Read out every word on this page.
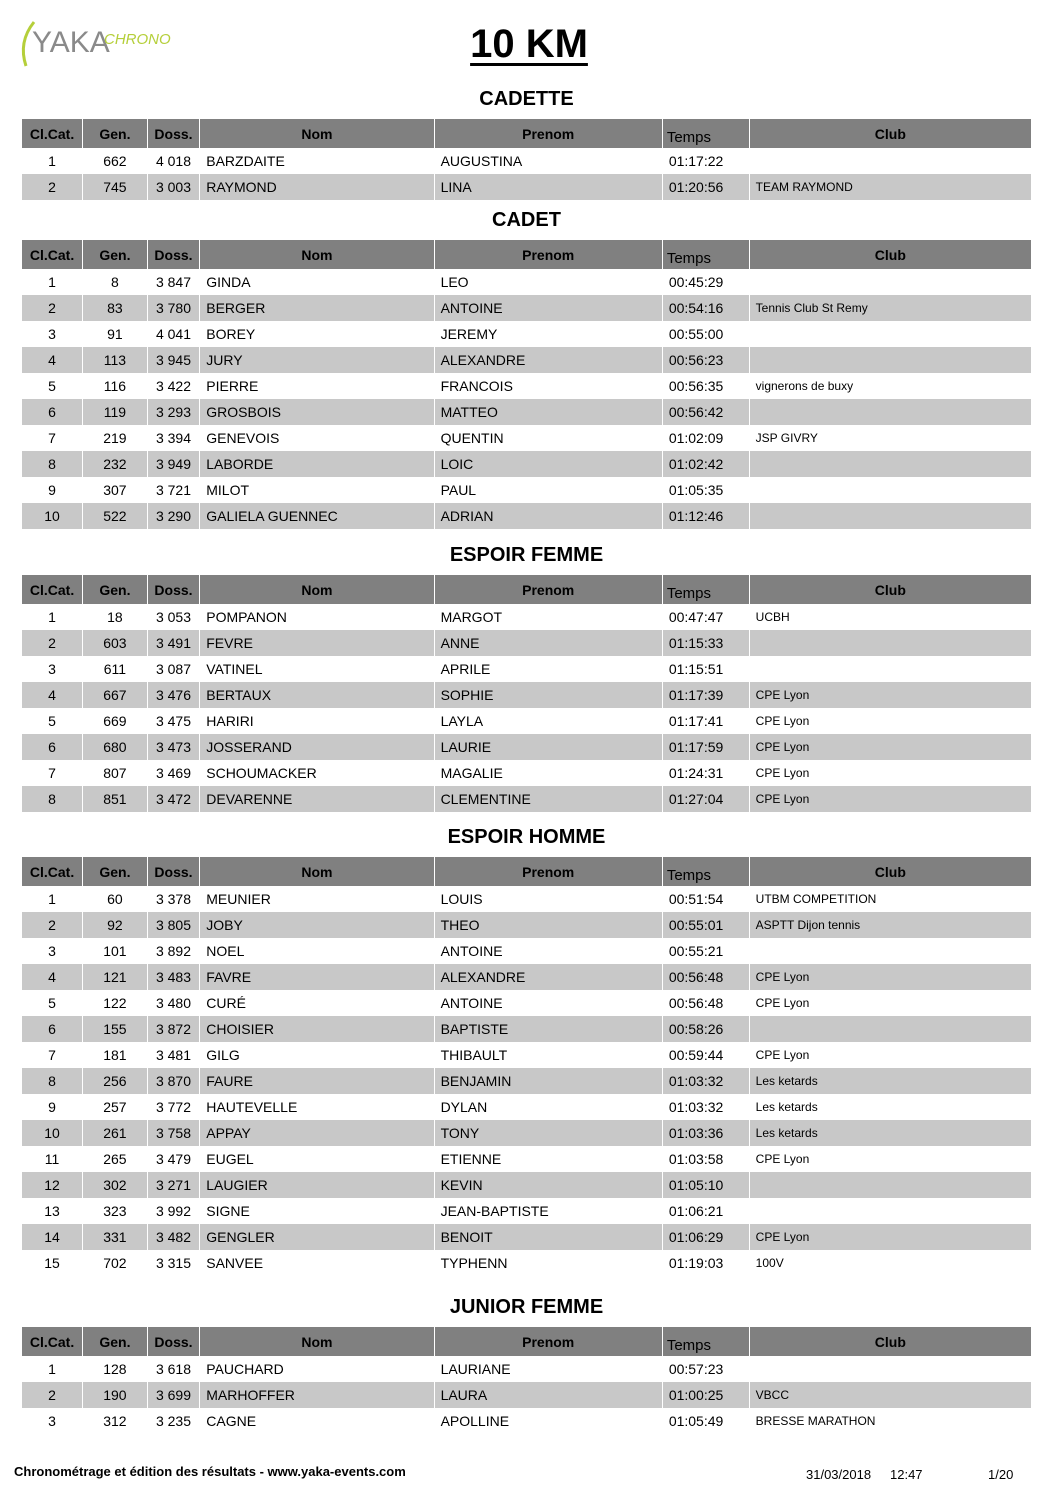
YAKA
CHRONO	10 KM
CADETTE
Cl.Cat.	Gen.	Doss.	Nom	Prenom	Temps	Club
1	662	4 018	BARZDAITE	AUGUSTINA	01:17:22	
2	745	3 003	RAYMOND	LINA	01:20:56	TEAM RAYMOND
CADET
Cl.Cat.	Gen.	Doss.	Nom	Prenom	Temps	Club
1	8	3 847	GINDA	LEO	00:45:29	
2	83	3 780	BERGER	ANTOINE	00:54:16	Tennis Club St Remy
3	91	4 041	BOREY	JEREMY	00:55:00	
4	113	3 945	JURY	ALEXANDRE	00:56:23	
5	116	3 422	PIERRE	FRANCOIS	00:56:35	vignerons de buxy
6	119	3 293	GROSBOIS	MATTEO	00:56:42	
7	219	3 394	GENEVOIS	QUENTIN	01:02:09	JSP GIVRY
8	232	3 949	LABORDE	LOIC	01:02:42	
9	307	3 721	MILOT	PAUL	01:05:35	
10	522	3 290	GALIELA GUENNEC	ADRIAN	01:12:46	
ESPOIR FEMME
Cl.Cat.	Gen.	Doss.	Nom	Prenom	Temps	Club
1	18	3 053	POMPANON	MARGOT	00:47:47	UCBH
2	603	3 491	FEVRE	ANNE	01:15:33	
3	611	3 087	VATINEL	APRILE	01:15:51	
4	667	3 476	BERTAUX	SOPHIE	01:17:39	CPE Lyon
5	669	3 475	HARIRI	LAYLA	01:17:41	CPE Lyon
6	680	3 473	JOSSERAND	LAURIE	01:17:59	CPE Lyon
7	807	3 469	SCHOUMACKER	MAGALIE	01:24:31	CPE Lyon
8	851	3 472	DEVARENNE	CLEMENTINE	01:27:04	CPE Lyon
ESPOIR HOMME
Cl.Cat.	Gen.	Doss.	Nom	Prenom	Temps	Club
1	60	3 378	MEUNIER	LOUIS	00:51:54	UTBM COMPETITION
2	92	3 805	JOBY	THEO	00:55:01	ASPTT Dijon tennis
3	101	3 892	NOEL	ANTOINE	00:55:21	
4	121	3 483	FAVRE	ALEXANDRE	00:56:48	CPE Lyon
5	122	3 480	CURÉ	ANTOINE	00:56:48	CPE Lyon
6	155	3 872	CHOISIER	BAPTISTE	00:58:26	
7	181	3 481	GILG	THIBAULT	00:59:44	CPE Lyon
8	256	3 870	FAURE	BENJAMIN	01:03:32	Les ketards
9	257	3 772	HAUTEVELLE	DYLAN	01:03:32	Les ketards
10	261	3 758	APPAY	TONY	01:03:36	Les ketards
11	265	3 479	EUGEL	ETIENNE	01:03:58	CPE Lyon
12	302	3 271	LAUGIER	KEVIN	01:05:10	
13	323	3 992	SIGNE	JEAN-BAPTISTE	01:06:21	
14	331	3 482	GENGLER	BENOIT	01:06:29	CPE Lyon
15	702	3 315	SANVEE	TYPHENN	01:19:03	100V
JUNIOR FEMME
Cl.Cat.	Gen.	Doss.	Nom	Prenom	Temps	Club
1	128	3 618	PAUCHARD	LAURIANE	00:57:23	
2	190	3 699	MARHOFFER	LAURA	01:00:25	VBCC
3	312	3 235	CAGNE	APOLLINE	01:05:49	BRESSE MARATHON
Chronométrage et édition des résultats - www.yaka-events.com	31/03/2018 12:47	1/20
